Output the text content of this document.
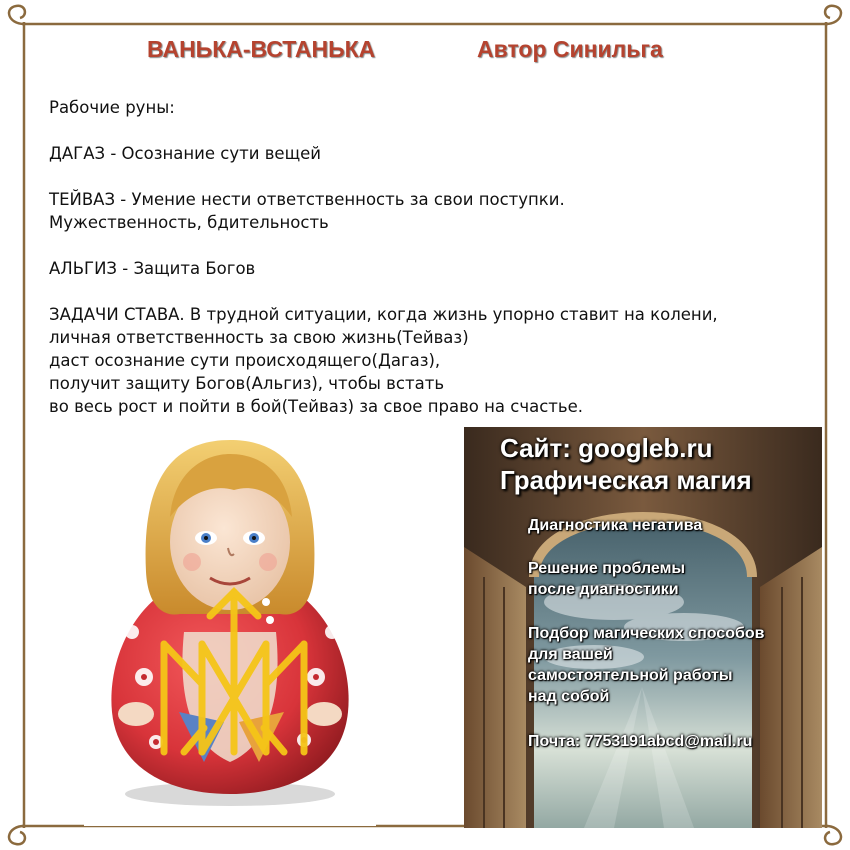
ВАНЬКА-ВСТАНЬКА	Автор Синильга

Рабочие руны:

ДАГАЗ - Осознание сути вещей

ТЕЙВАЗ - Умение нести ответственность за свои поступки.

Мужественность, бдительность

АЛЬГИЗ - Защита Богов

ЗАДАЧИ СТАВА. В трудной ситуации, когда жизнь упорно ставит на колени,

личная ответственность за свою жизнь(Тейваз)

даст осознание сути происходящего(Дагаз),

получит защиту Богов(Альгиз), чтобы встать

во весь рост и пойти в бой(Тейваз) за свое право на счастье.

Сайт: googleb.ru
Графическая магия
Диагностика негатива
Решение проблемы
после диагностики
Подбор магических способов
для вашей
самостоятельной работы
над собой
Почта: 7753191abcd@mail.ru
